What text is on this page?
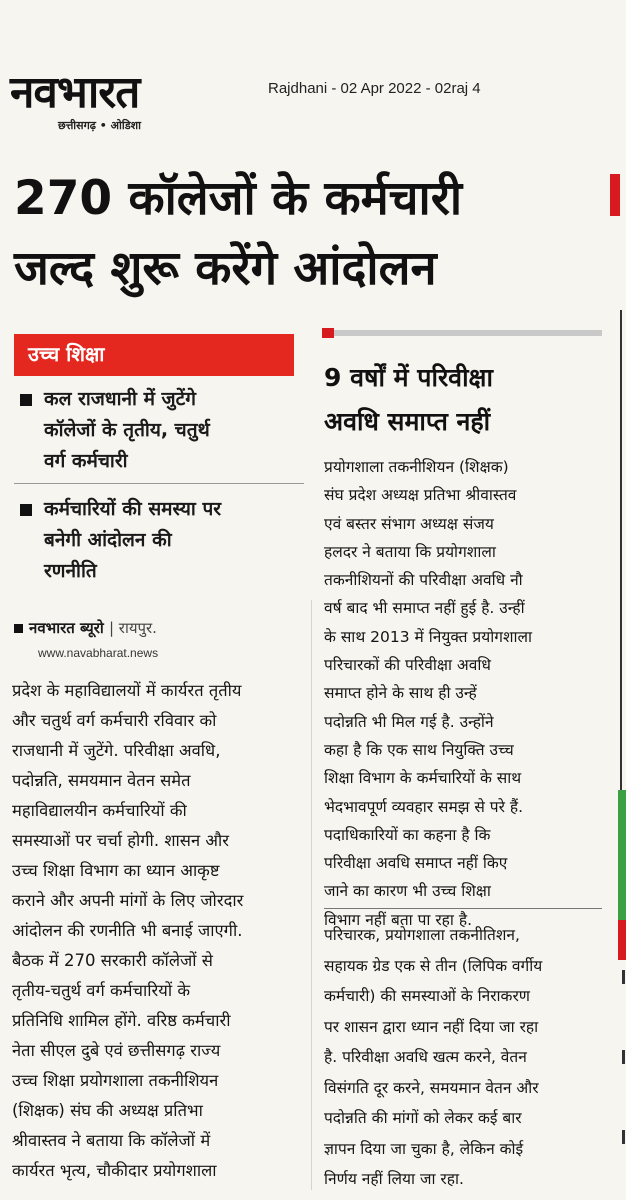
नवभारत
छत्तीसगढ़ • ओडिशा
Rajdhani - 02 Apr 2022 - 02raj 4
270 कॉलेजों के कर्मचारी
जल्द शुरू करेंगे आंदोलन
उच्च शिक्षा
कल राजधानी में जुटेंगे
कॉलेजों के तृतीय, चतुर्थ
वर्ग कर्मचारी
कर्मचारियों की समस्या पर
बनेगी आंदोलन की
रणनीति
नवभारत ब्यूरो | रायपुर.
www.navabharat.news
प्रदेश के महाविद्यालयों में कार्यरत तृतीय
और चतुर्थ वर्ग कर्मचारी रविवार को
राजधानी में जुटेंगे. परिवीक्षा अवधि,
पदोन्नति, समयमान वेतन समेत
महाविद्यालयीन कर्मचारियों की
समस्याओं पर चर्चा होगी. शासन और
उच्च शिक्षा विभाग का ध्यान आकृष्ट
कराने और अपनी मांगों के लिए जोरदार
आंदोलन की रणनीति भी बनाई जाएगी.
बैठक में 270 सरकारी कॉलेजों से
तृतीय-चतुर्थ वर्ग कर्मचारियों के
प्रतिनिधि शामिल होंगे. वरिष्ठ कर्मचारी
नेता सीएल दुबे एवं छत्तीसगढ़ राज्य
उच्च शिक्षा प्रयोगशाला तकनीशियन
(शिक्षक) संघ की अध्यक्ष प्रतिभा
श्रीवास्तव ने बताया कि कॉलेजों में
कार्यरत भृत्य, चौकीदार प्रयोगशाला
9 वर्षों में परिवीक्षा
अवधि समाप्त नहीं
प्रयोगशाला तकनीशियन (शिक्षक)
संघ प्रदेश अध्यक्ष प्रतिभा श्रीवास्तव
एवं बस्तर संभाग अध्यक्ष संजय
हलदर ने बताया कि प्रयोगशाला
तकनीशियनों की परिवीक्षा अवधि नौ
वर्ष बाद भी समाप्त नहीं हुई है. उन्हीं
के साथ 2013 में नियुक्त प्रयोगशाला
परिचारकों की परिवीक्षा अवधि
समाप्त होने के साथ ही उन्हें
पदोन्नति भी मिल गई है. उन्होंने
कहा है कि एक साथ नियुक्ति उच्च
शिक्षा विभाग के कर्मचारियों के साथ
भेदभावपूर्ण व्यवहार समझ से परे हैं.
पदाधिकारियों का कहना है कि
परिवीक्षा अवधि समाप्त नहीं किए
जाने का कारण भी उच्च शिक्षा
विभाग नहीं बता पा रहा है.
परिचारक, प्रयोगशाला तकनीतिशन,
सहायक ग्रेड एक से तीन (लिपिक वर्गीय
कर्मचारी) की समस्याओं के निराकरण
पर शासन द्वारा ध्यान नहीं दिया जा रहा
है. परिवीक्षा अवधि खत्म करने, वेतन
विसंगति दूर करने, समयमान वेतन और
पदोन्नति की मांगों को लेकर कई बार
ज्ञापन दिया जा चुका है, लेकिन कोई
निर्णय नहीं लिया जा रहा.
